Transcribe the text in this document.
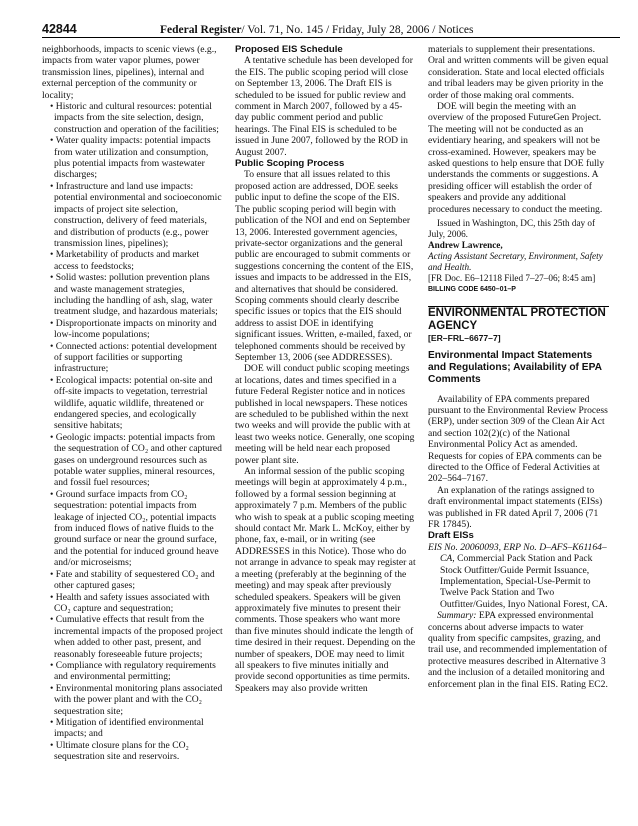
42844	Federal Register/ Vol. 71, No. 145 / Friday, July 28, 2006 / Notices

neighborhoods, impacts to scenic views (e.g., impacts from water vapor plumes, power transmission lines, pipelines), internal and external perception of the community or locality;

• Historic and cultural resources: potential impacts from the site selection, design, construction and operation of the facilities;

• Water quality impacts: potential impacts from water utilization and consumption, plus potential impacts from wastewater discharges;

• Infrastructure and land use impacts: potential environmental and socioeconomic impacts of project site selection, construction, delivery of feed materials, and distribution of products (e.g., power transmission lines, pipelines);

• Marketability of products and market access to feedstocks;

• Solid wastes: pollution prevention plans and waste management strategies, including the handling of ash, slag, water treatment sludge, and hazardous materials;

• Disproportionate impacts on minority and low-income populations;

• Connected actions: potential development of support facilities or supporting infrastructure;

• Ecological impacts: potential on-site and off-site impacts to vegetation, terrestrial wildlife, aquatic wildlife, threatened or endangered species, and ecologically sensitive habitats;

• Geologic impacts: potential impacts from the sequestration of CO₂ and other captured gases on underground resources such as potable water supplies, mineral resources, and fossil fuel resources;

• Ground surface impacts from CO₂ sequestration: potential impacts from leakage of injected CO₂, potential impacts from induced flows of native fluids to the ground surface or near the ground surface, and the potential for induced ground heave and/or microseisms;

• Fate and stability of sequestered CO₂ and other captured gases;

• Health and safety issues associated with CO₂ capture and sequestration;

• Cumulative effects that result from the incremental impacts of the proposed project when added to other past, present, and reasonably foreseeable future projects;

• Compliance with regulatory requirements and environmental permitting;

• Environmental monitoring plans associated with the power plant and with the CO₂ sequestration site;

• Mitigation of identified environmental impacts; and

• Ultimate closure plans for the CO₂ sequestration site and reservoirs.

Proposed EIS Schedule

A tentative schedule has been developed for the EIS. The public scoping period will close on September 13, 2006. The Draft EIS is scheduled to be issued for public review and comment in March 2007, followed by a 45-day public comment period and public hearings. The Final EIS is scheduled to be issued in June 2007, followed by the ROD in August 2007.

Public Scoping Process

To ensure that all issues related to this proposed action are addressed, DOE seeks public input to define the scope of the EIS. The public scoping period will begin with publication of the NOI and end on September 13, 2006. Interested government agencies, private-sector organizations and the general public are encouraged to submit comments or suggestions concerning the content of the EIS, issues and impacts to be addressed in the EIS, and alternatives that should be considered. Scoping comments should clearly describe specific issues or topics that the EIS should address to assist DOE in identifying significant issues. Written, e-mailed, faxed, or telephoned comments should be received by September 13, 2006 (see ADDRESSES).

DOE will conduct public scoping meetings at locations, dates and times specified in a future Federal Register notice and in notices published in local newspapers. These notices are scheduled to be published within the next two weeks and will provide the public with at least two weeks notice. Generally, one scoping meeting will be held near each proposed power plant site.

An informal session of the public scoping meetings will begin at approximately 4 p.m., followed by a formal session beginning at approximately 7 p.m. Members of the public who wish to speak at a public scoping meeting should contact Mr. Mark L. McKoy, either by phone, fax, e-mail, or in writing (see ADDRESSES in this Notice). Those who do not arrange in advance to speak may register at a meeting (preferably at the beginning of the meeting) and may speak after previously scheduled speakers. Speakers will be given approximately five minutes to present their comments. Those speakers who want more than five minutes should indicate the length of time desired in their request. Depending on the number of speakers, DOE may need to limit all speakers to five minutes initially and provide second opportunities as time permits. Speakers may also provide written

materials to supplement their presentations. Oral and written comments will be given equal consideration. State and local elected officials and tribal leaders may be given priority in the order of those making oral comments.

DOE will begin the meeting with an overview of the proposed FutureGen Project. The meeting will not be conducted as an evidentiary hearing, and speakers will not be cross-examined. However, speakers may be asked questions to help ensure that DOE fully understands the comments or suggestions. A presiding officer will establish the order of speakers and provide any additional procedures necessary to conduct the meeting.

Issued in Washington, DC, this 25th day of July, 2006.

Andrew Lawrence,

Acting Assistant Secretary, Environment, Safety and Health.

[FR Doc. E6–12118 Filed 7–27–06; 8:45 am]

BILLING CODE 6450–01–P

ENVIRONMENTAL PROTECTION AGENCY

[ER–FRL–6677–7]

Environmental Impact Statements and Regulations; Availability of EPA Comments

Availability of EPA comments prepared pursuant to the Environmental Review Process (ERP), under section 309 of the Clean Air Act and section 102(2)(c) of the National Environmental Policy Act as amended. Requests for copies of EPA comments can be directed to the Office of Federal Activities at 202–564–7167.

An explanation of the ratings assigned to draft environmental impact statements (EISs) was published in FR dated April 7, 2006 (71 FR 17845).

Draft EISs

EIS No. 20060093, ERP No. D–AFS–K61164–CA, Commercial Pack Station and Pack Stock Outfitter/Guide Permit Issuance, Implementation, Special-Use-Permit to Twelve Pack Station and Two Outfitter/Guides, Inyo National Forest, CA.

Summary: EPA expressed environmental concerns about adverse impacts to water quality from specific campsites, grazing, and trail use, and recommended implementation of protective measures described in Alternative 3 and the inclusion of a detailed monitoring and enforcement plan in the final EIS. Rating EC2.
